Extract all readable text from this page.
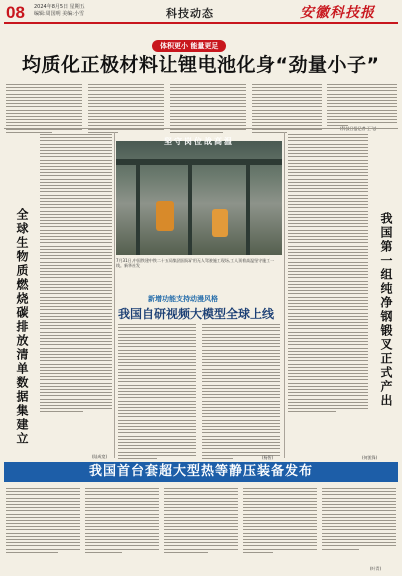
08 2024年8月5日 星期五
编辑:周国明 美编:小雪	科技动态	安徽科技报
体积更小 能量更足
均质化正极材料让锂电池化身“劲量小子”
全球生物质燃烧碳排放清单数据集建立
(陆成宽)
坚守岗位战高温
7月31日,中国铁建中铁二十五局集团国际矿用无人驾驶施工现场,工人顶着高温坚守施工一线。新华社发
新增功能支持动漫风格
我国自研视频大模型全球上线
(杨智)
我国第一组纯净钢锻叉正式产出
(何凯锋)
我国首台套超大型热等静压装备发布
(叶青)
